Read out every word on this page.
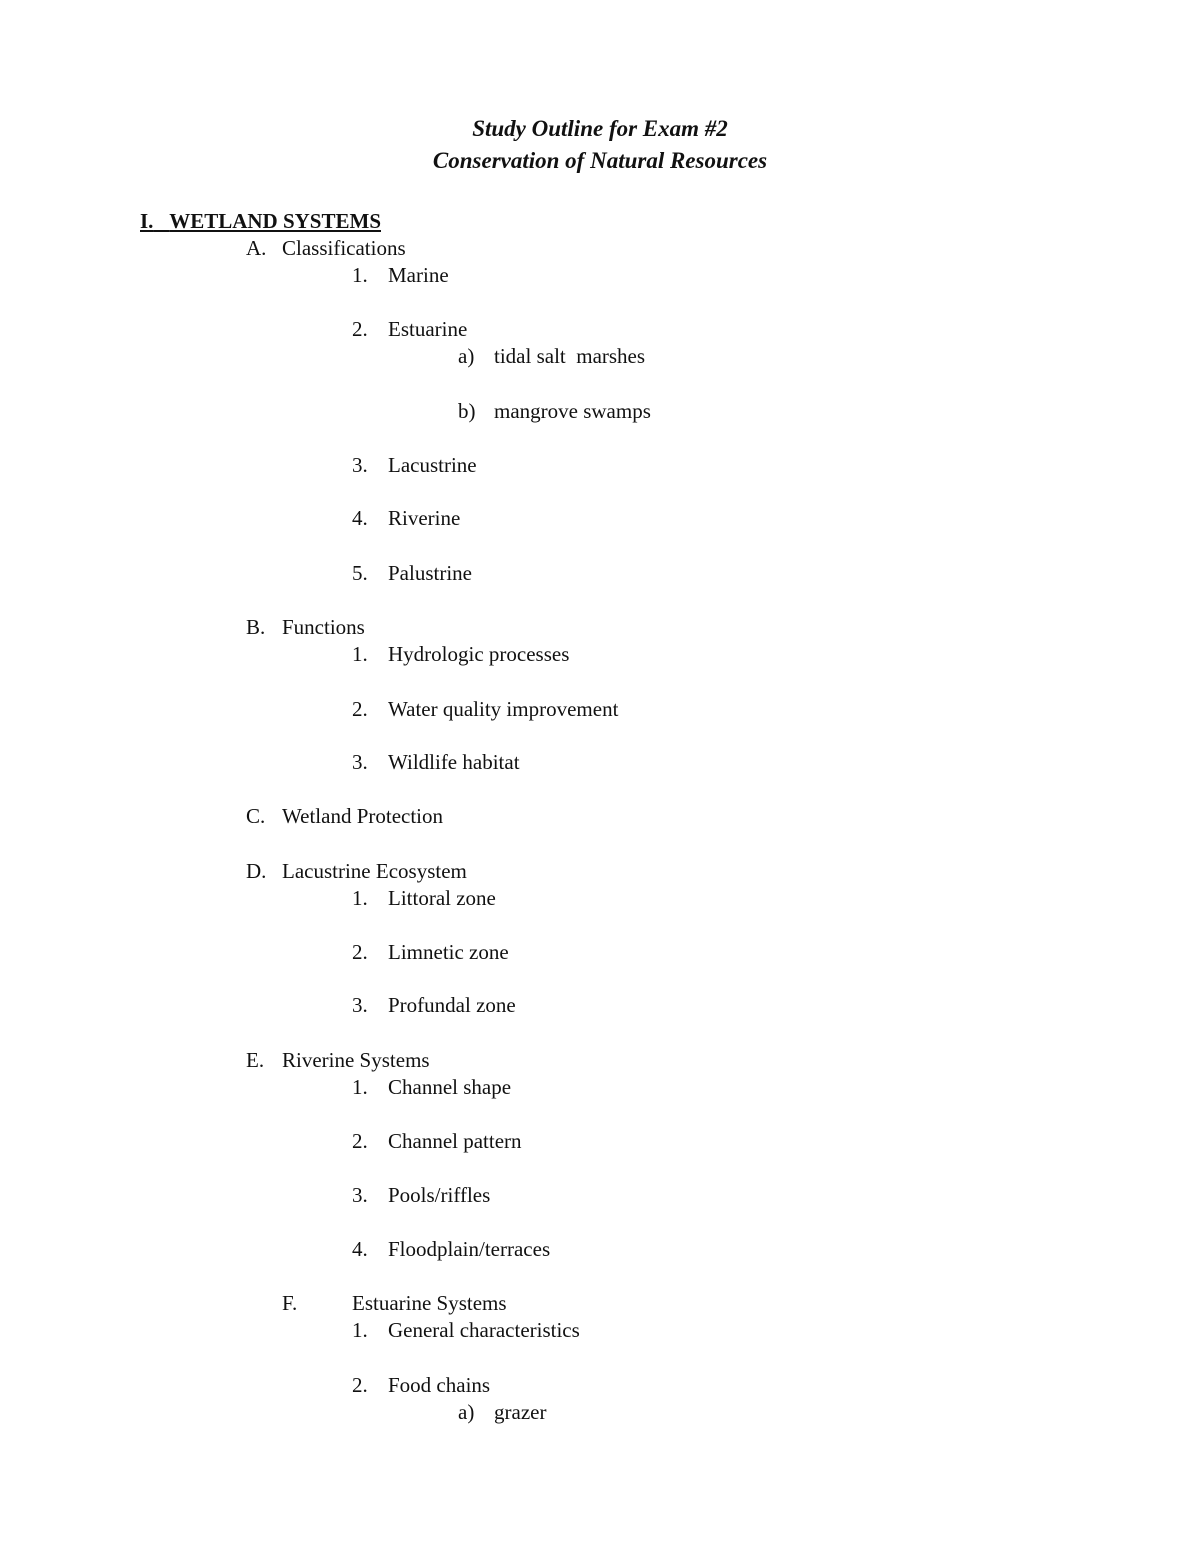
Study Outline for Exam #2
Conservation of Natural Resources
I. WETLAND SYSTEMS
A. Classifications
1. Marine
2. Estuarine
a) tidal salt  marshes
b) mangrove swamps
3. Lacustrine
4. Riverine
5. Palustrine
B. Functions
1. Hydrologic processes
2. Water quality improvement
3. Wildlife habitat
C. Wetland Protection
D. Lacustrine Ecosystem
1. Littoral zone
2. Limnetic zone
3. Profundal zone
E. Riverine Systems
1. Channel shape
2. Channel pattern
3. Pools/riffles
4. Floodplain/terraces
F.	Estuarine Systems
1. General characteristics
2. Food chains
a) grazer
